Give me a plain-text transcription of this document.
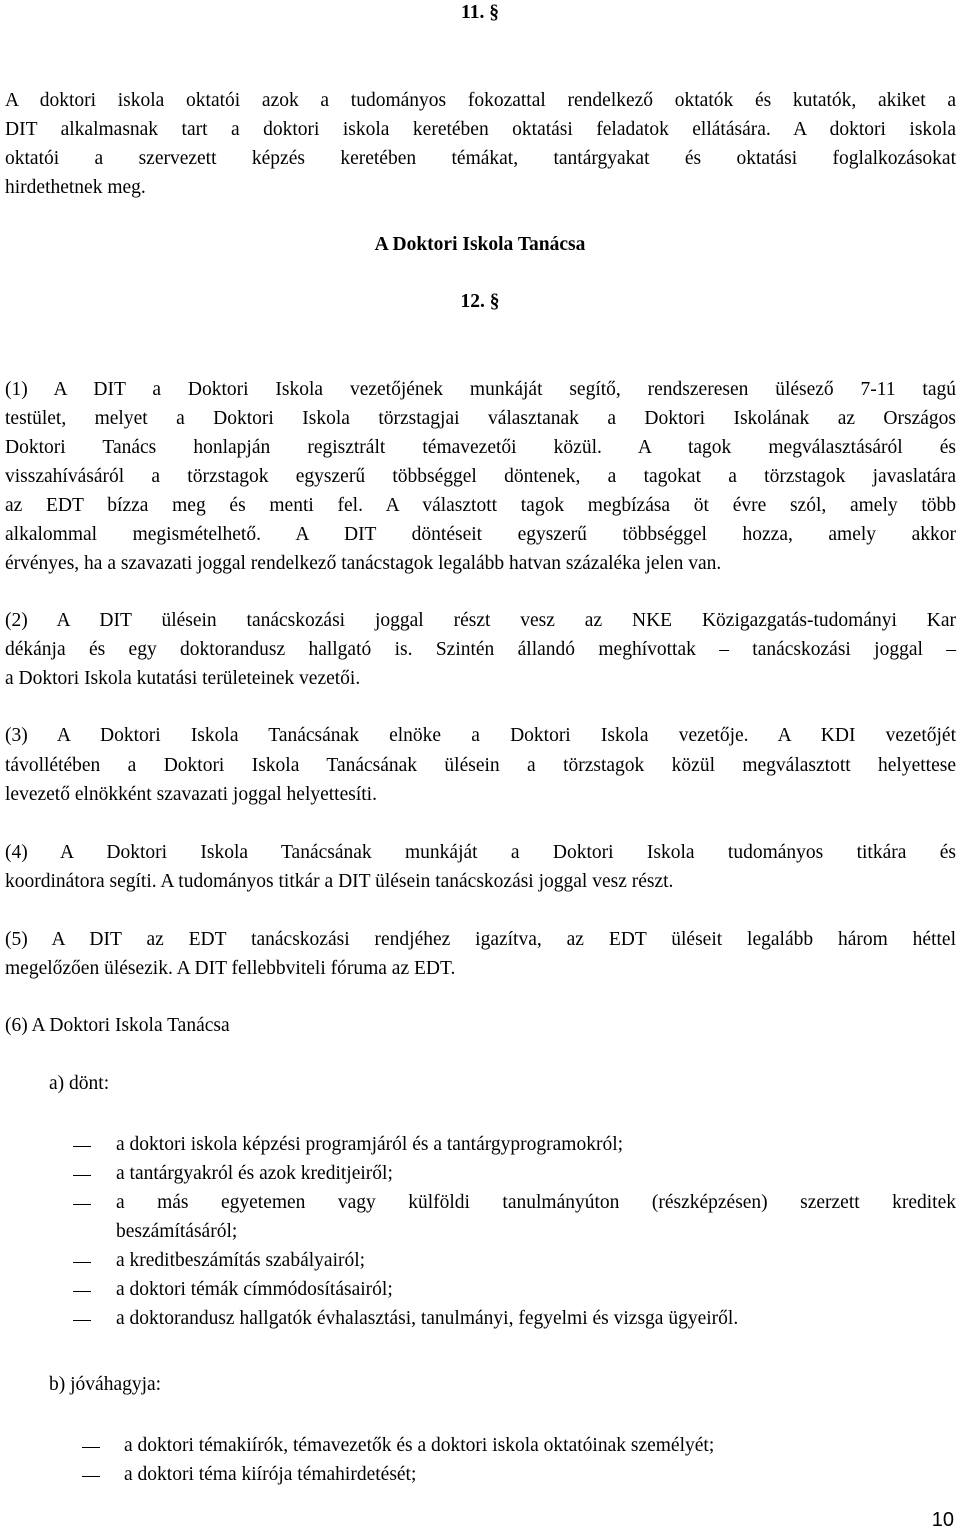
11. §
A doktori iskola oktatói azok a tudományos fokozattal rendelkező oktatók és kutatók, akiket a
DIT alkalmasnak tart a doktori iskola keretében oktatási feladatok ellátására. A doktori iskola
oktatói a szervezett képzés keretében témákat, tantárgyakat és oktatási foglalkozásokat
hirdethetnek meg.
A Doktori Iskola Tanácsa
12. §
(1) A DIT a Doktori Iskola vezetőjének munkáját segítő, rendszeresen ülésező 7-11 tagú
testület, melyet a Doktori Iskola törzstagjai választanak a Doktori Iskolának az Országos
Doktori Tanács honlapján regisztrált témavezetői közül. A tagok megválasztásáról és
visszahívásáról a törzstagok egyszerű többséggel döntenek, a tagokat a törzstagok javaslatára
az EDT bízza meg és menti fel. A választott tagok megbízása öt évre szól, amely több
alkalommal megismételhető. A DIT döntéseit egyszerű többséggel hozza, amely akkor
érvényes, ha a szavazati joggal rendelkező tanácstagok legalább hatvan százaléka jelen van.
(2) A DIT ülésein tanácskozási joggal részt vesz az NKE Közigazgatás-tudományi Kar
dékánja és egy doktorandusz hallgató is. Szintén állandó meghívottak – tanácskozási joggal –
a Doktori Iskola kutatási területeinek vezetői.
(3) A Doktori Iskola Tanácsának elnöke a Doktori Iskola vezetője. A KDI vezetőjét
távollétében a Doktori Iskola Tanácsának ülésein a törzstagok közül megválasztott helyettese
levezető elnökként szavazati joggal helyettesíti.
(4) A Doktori Iskola Tanácsának munkáját a Doktori Iskola tudományos titkára és
koordinátora segíti. A tudományos titkár a DIT ülésein tanácskozási joggal vesz részt.
(5) A DIT az EDT tanácskozási rendjéhez igazítva, az EDT üléseit legalább három héttel
megelőzően ülésezik. A DIT fellebbviteli fóruma az EDT.
(6) A Doktori Iskola Tanácsa
a) dönt:
a doktori iskola képzési programjáról és a tantárgyprogramokról;
a tantárgyakról és azok kreditjeiről;
a más egyetemen vagy külföldi tanulmányúton (részképzésen) szerzett kreditek
beszámításáról;
a kreditbeszámítás szabályairól;
a doktori témák címmódosításairól;
a doktorandusz hallgatók évhalasztási, tanulmányi, fegyelmi és vizsga ügyeiről.
b) jóváhagyja:
a doktori témakiírók, témavezetők és a doktori iskola oktatóinak személyét;
a doktori téma kiírója témahirdetését;
10
